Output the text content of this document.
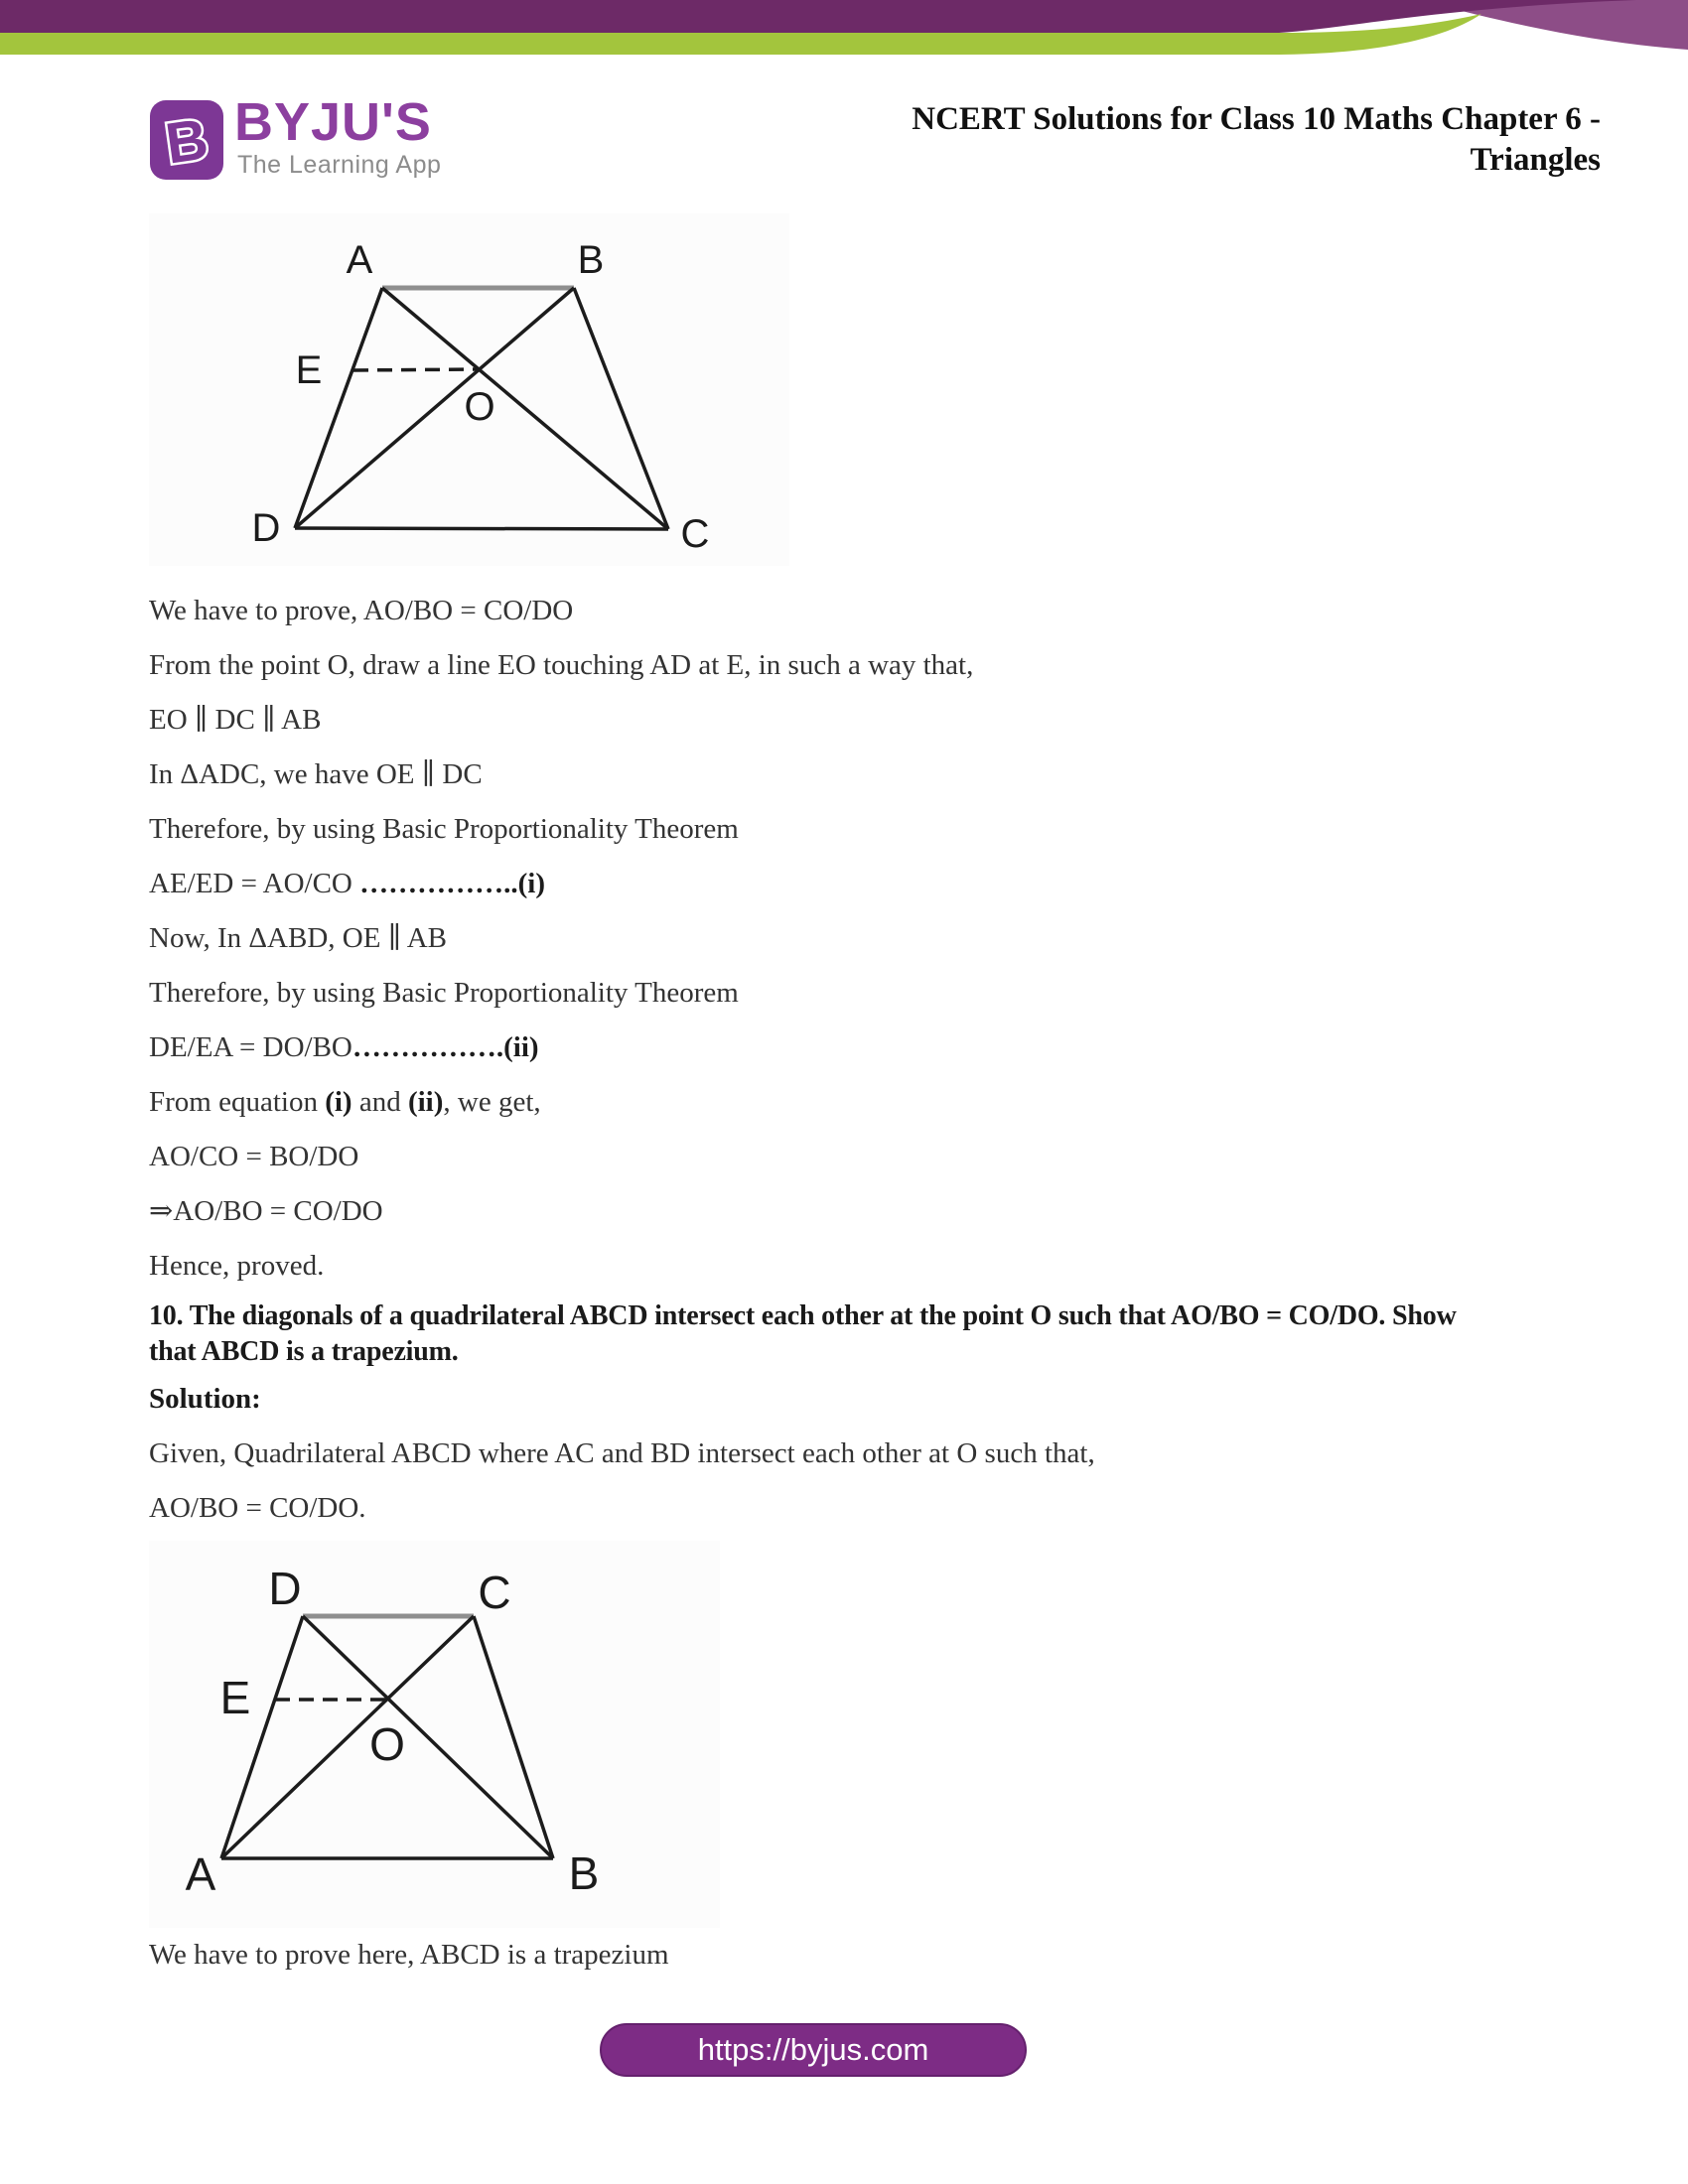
B BYJU'S
The Learning App
NCERT Solutions for Class 10 Maths Chapter 6 -
Triangles
A	B
E
O
D	C

We have to prove, AO/BO = CO/DO

From the point O, draw a line EO touching AD at E, in such a way that,

EO ∥ DC ∥ AB

In ΔADC, we have OE ∥ DC

Therefore, by using Basic Proportionality Theorem

AE/ED = AO/CO ……………..(i)

Now, In ΔABD, OE ∥ AB

Therefore, by using Basic Proportionality Theorem

DE/EA = DO/BO…………….(ii)

From equation (i) and (ii), we get,

AO/CO = BO/DO

⇒AO/BO = CO/DO

Hence, proved.

10. The diagonals of a quadrilateral ABCD intersect each other at the point O such that AO/BO = CO/DO. Show

that ABCD is a trapezium.

Solution:

Given, Quadrilateral ABCD where AC and BD intersect each other at O such that,

AO/BO = CO/DO.

D	C
E
O
A	B
We have to prove here, ABCD is a trapezium
https://byjus.com
